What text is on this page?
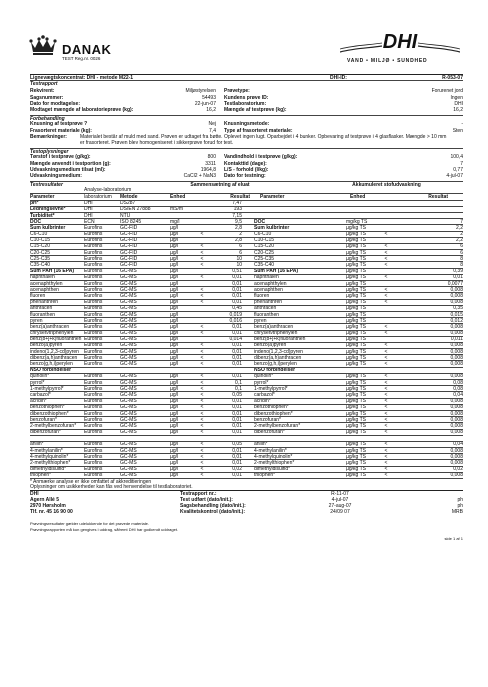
DANAK
TEST Reg.nr. 0026
DHI
VAND • MILJØ • SUNDHED
Lignevægtskoncentrat: DHI - metode M22-1	DHI-ID:	R-053-07
Testrapport
Rekvirent:	Miljøstyrelsen Prøvetype:	Forurenet jord
Sagsnummer:	54493 Kundens prøve ID:	Ingen
Dato for modtagelse:	22-jun-07 Testlaboratorium:	DHI
Modtaget mængde af laboratorieprøve (kg):	16,2 Mængde af testprøve (kg):	16,2
Forbehandling
Knusning af testprøve ?	Nej Knusningsmetode:	-
Frasorteret materiale (kg):	7,4 Type af frasorteret materiale:	Sten
Bemærkninger:	Materialet består af muld med sand. Prøven er udtaget fra bøtte. Oplevet ingen lugt. Oparbejdet i 4 bunker. Opbevaring af testprøve i 4 glasflasker. Mængde > 10 mm
er frasorteret. Prøven blev homogeniseret i sikkerprøve forud for test.
Testoplysninger
Tørstof i testprøve (g/kg):	800 Vandindhold i testprøve (g/kg):	100,4
Mængde anvendt i testportion (g):	3311 Kontakttid (dage):	7
Udvaskningsmedium tilsat (ml):	1964,8 L/S - forhold (l/kg):	0,77
Udvaskningsmedium:	CaCl2 + NaN3 Dato for testning:	4-jul-07
Testresultater	Sammensætning af eluat	Akkumuleret stofudvaskning
Analyse-laboratorium
Parameter	laboratorium	Metode	Enhed	Resultat Parameter	Enhed	Resultat
pH*	DHI	DS287	7,47
Ledningsevne*	DHI	DS/EN 27888	mS/m	193
Turbiditet*	DHI	NTU	7,15
DOC	ECN	ISO 8245	mg/l	9,5 DOC	mg/kg TS	7
Sum kulbrinter	Eurofins	GC-FID	µg/l	2,8 Sum kulbrinter	µg/kg TS	2,2
C6-C10	Eurofins	GC-FID	µg/l	<	2 C6-C10	µg/kg TS	<	2
C10-C15	Eurofins	GC-FID	µg/l	2,8 C10-C15	µg/kg TS	2,2
C15-C20	Eurofins	GC-FID	µg/l	<	6 C15-C20	µg/kg TS	<	6
C20-C25	Eurofins	GC-FID	µg/l	<	6 C20-C25	µg/kg TS	<	6
C25-C35	Eurofins	GC-FID	µg/l	<	10 C25-C35	µg/kg TS	<	8
C35-C40	Eurofins	GC-FID	µg/l	<	10 C35-C40	µg/kg TS	<	8
Sum PAH (16 EPA)	Eurofins	GC-MS	µg/l	0,51 Sum PAH (16 EPA)	µg/kg TS	0,39
naphthalen	Eurofins	GC-MS	µg/l	<	0,01 naphthalen	µg/kg TS	<	0,01
acenaphthylen	Eurofins	GC-MS	µg/l	0,01 acenaphthylen	µg/kg TS	0,0077
acenaphthen	Eurofins	GC-MS	µg/l	<	0,01 acenaphthen	µg/kg TS	<	0,008
fluoren	Eurofins	GC-MS	µg/l	<	0,01 fluoren	µg/kg TS	<	0,008
phenanthren	Eurofins	GC-MS	µg/l	<	0,01 phenanthren	µg/kg TS	<	0,008
anthracen	Eurofins	GC-MS	µg/l	0,45 anthracen	µg/kg TS	0,35
fluoranthen	Eurofins	GC-MS	µg/l	0,019 fluoranthen	µg/kg TS	0,015
pyren	Eurofins	GC-MS	µg/l	0,016 pyren	µg/kg TS	0,012
benz(a)anthracen	Eurofins	GC-MS	µg/l	<	0,01 benz(a)anthracen	µg/kg TS	<	0,008
chrysen/triphenylen	Eurofins	GC-MS	µg/l	<	0,01 chrysen/triphenylen	µg/kg TS	<	0,008
benz(b+j+k)fluoranthen Eurofins	GC-MS	µg/l	0,014 benz(b+j+k)fluoranthen	µg/kg TS	0,011
benzo(a)pyren	Eurofins	GC-MS	µg/l	<	0,01 benzo(a)pyren	µg/kg TS	<	0,008
indeno(1,2,3-cd)pyren	Eurofins	GC-MS	µg/l	<	0,01 indeno(1,2,3-cd)pyren	µg/kg TS	<	0,008
dibenz(a,h)anthracen	Eurofins	GC-MS	µg/l	<	0,01 dibenz(a,h)anthracen	µg/kg TS	<	0,008
benzo(g,h,i)perylen	Eurofins	GC-MS	µg/l	<	0,01 benzo(g,h,i)perylen	µg/kg TS	<	0,008
NSO forbindelser	NSO forbindelser
quinolin*	Eurofins	GC-MS	µg/l	<	0,01 quinolin*	µg/kg TS	<	0,008
pyrrol*	Eurofins	GC-MS	µg/l	<	0,1 pyrrol*	µg/kg TS	<	0,08
1-methylpyrrol*	Eurofins	GC-MS	µg/l	<	0,1 1-methylpyrrol*	µg/kg TS	<	0,08
carbazol*	Eurofins	GC-MS	µg/l	<	0,05 carbazol*	µg/kg TS	<	0,04
acridin*	Eurofins	GC-MS	µg/l	<	0,01 acridin*	µg/kg TS	<	0,008
benzothiophen*	Eurofins	GC-MS	µg/l	<	0,01 benzothiophen*	µg/kg TS	<	0,008
dibenzothiophen*	Eurofins	GC-MS	µg/l	<	0,01 dibenzothiophen*	µg/kg TS	<	0,008
benzofuran*	Eurofins	GC-MS	µg/l	<	0,01 benzofuran*	µg/kg TS	<	0,008
2-methylbenzofuran*	Eurofins	GC-MS	µg/l	<	0,01 2-methylbenzofuran*	µg/kg TS	<	0,008
dibenzofuran*	Eurofins	GC-MS	µg/l	<	0,01 dibenzofuran*	µg/kg TS	<	0,008
anilin*	Eurofins	GC-MS	µg/l	<	0,05 anilin*	µg/kg TS	<	0,04
4-methylanilin*	Eurofins	GC-MS	µg/l	<	0,01 4-methylanilin*	µg/kg TS	<	0,008
4-methylquinolin*	Eurofins	GC-MS	µg/l	<	0,01 4-methylquinolin*	µg/kg TS	<	0,008
2-methylthiophen*	Eurofins	GC-MS	µg/l	<	0,01 2-methylthiophen*	µg/kg TS	<	0,008
dimethyldisulfid*	Eurofins	GC-MS	µg/l	<	0,02 dimethyldisulfid*	µg/kg TS	<	0,02
thiophen*	Eurofins	GC-MS	µg/l	<	0,01 thiophen*	µg/kg TS	<	0,008
* Anmærke analyse er ikke omfattet af akkreditieringen
Oplysninger om usikkerheder kan fås ved henvendelse til testlaboratoriet.
DHI	Testrapport nr.:	R-11-07
Agern Allé 5	Test udført (dato/init.):	4-jul-07	ph
2970 Hørsholm	Sagsbehandling (dato/init.):	27-aug-07	ph
Tlf. nr. 45 16 90 00	Kvalitetskontrol (dato/init.):	24/09 07	MRB
Prøvningsresultater gælder udelukkende for det prøvede materiale.
Prøvningsrapporten må kun gengives i uddrag, såfremt DHI har godkendt uddraget.
side 1 af 1
